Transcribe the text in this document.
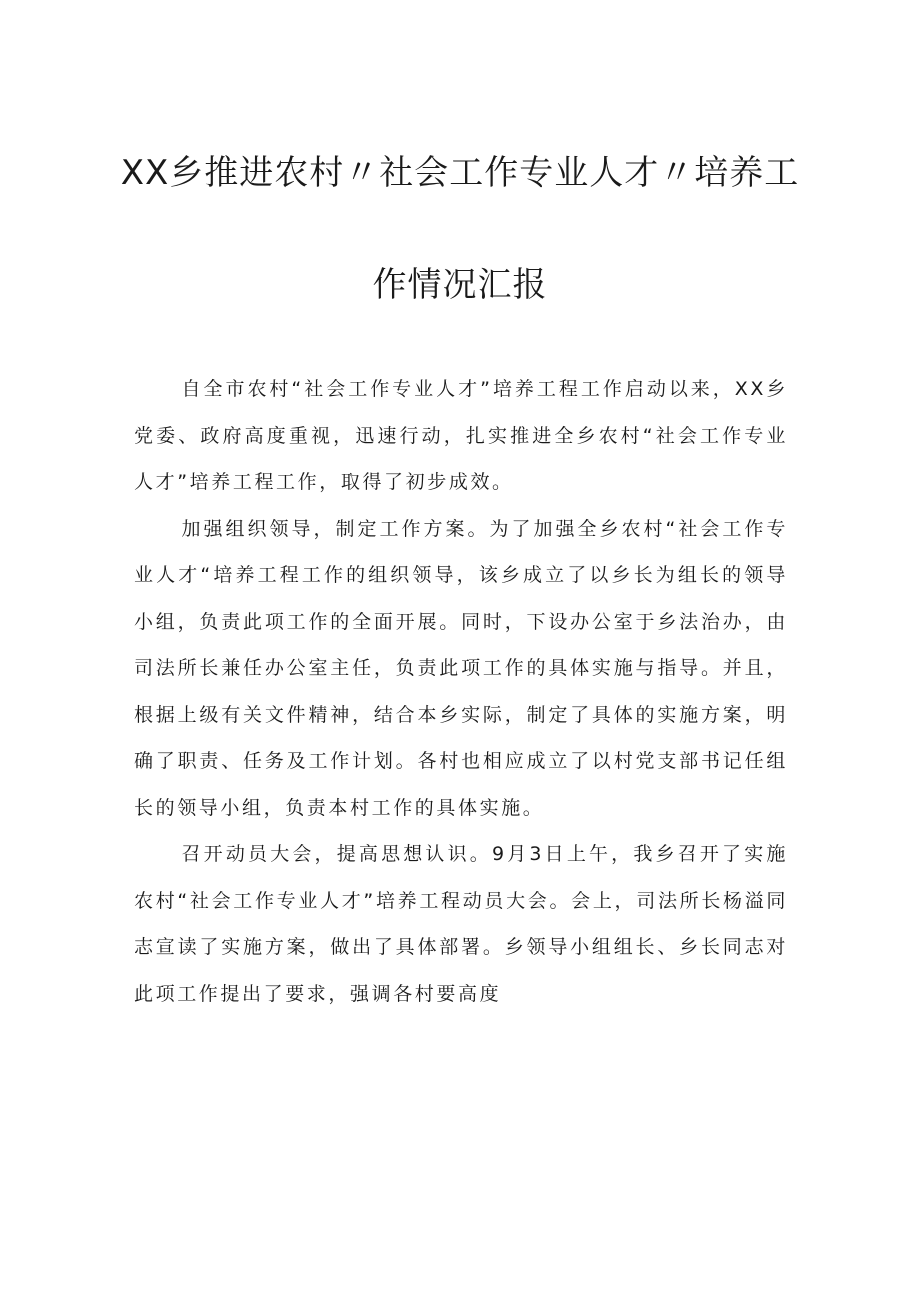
XX乡推进农村〃社会工作专业人才〃培养工
作情况汇报

自全市农村“社会工作专业人才”培养工程工作启动以来，XX乡党委、政府高度重视，迅速行动，扎实推进全乡农村“社会工作专业人才”培养工程工作，取得了初步成效。

加强组织领导，制定工作方案。为了加强全乡农村“社会工作专业人才“培养工程工作的组织领导，该乡成立了以乡长为组长的领导小组，负责此项工作的全面开展。同时，下设办公室于乡法治办，由司法所长兼任办公室主任，负责此项工作的具体实施与指导。并且，根据上级有关文件精神，结合本乡实际，制定了具体的实施方案，明确了职责、任务及工作计划。各村也相应成立了以村党支部书记任组长的领导小组，负责本村工作的具体实施。

召开动员大会，提高思想认识。9月3日上午，我乡召开了实施农村“社会工作专业人才”培养工程动员大会。会上，司法所长杨溢同志宣读了实施方案，做出了具体部署。乡领导小组组长、乡长同志对此项工作提出了要求，强调各村要高度
